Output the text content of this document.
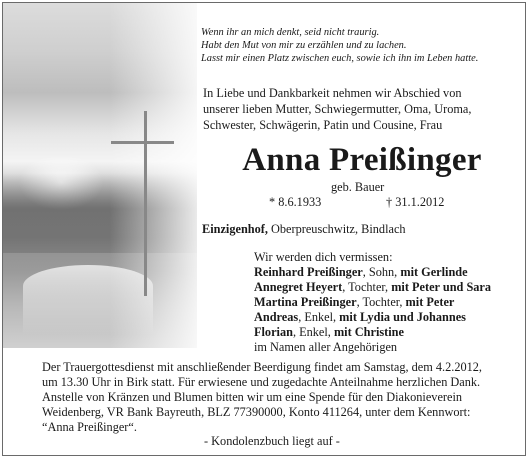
Wenn ihr an mich denkt, seid nicht traurig.
Habt den Mut von mir zu erzählen und zu lachen.
Lasst mir einen Platz zwischen euch, sowie ich ihn im Leben hatte.
In Liebe und Dankbarkeit nehmen wir Abschied von
unserer lieben Mutter, Schwiegermutter, Oma, Uroma,
Schwester, Schwägerin, Patin und Cousine, Frau
Anna Preißinger
geb. Bauer
* 8.6.1933	† 31.1.2012
Einzigenhof, Oberpreuschwitz, Bindlach
Wir werden dich vermissen:
Reinhard Preißinger, Sohn, mit Gerlinde
Annegret Heyert, Tochter, mit Peter und Sara
Martina Preißinger, Tochter, mit Peter
Andreas, Enkel, mit Lydia und Johannes
Florian, Enkel, mit Christine
im Namen aller Angehörigen
Der Trauergottesdienst mit anschließender Beerdigung findet am Samstag, dem 4.2.2012,
um 13.30 Uhr in Birk statt. Für erwiesene und zugedachte Anteilnahme herzlichen Dank.
Anstelle von Kränzen und Blumen bitten wir um eine Spende für den Diakonieverein
Weidenberg, VR Bank Bayreuth, BLZ 77390000, Konto 411264, unter dem Kennwort:
“Anna Preißinger“.
- Kondolenzbuch liegt auf -
